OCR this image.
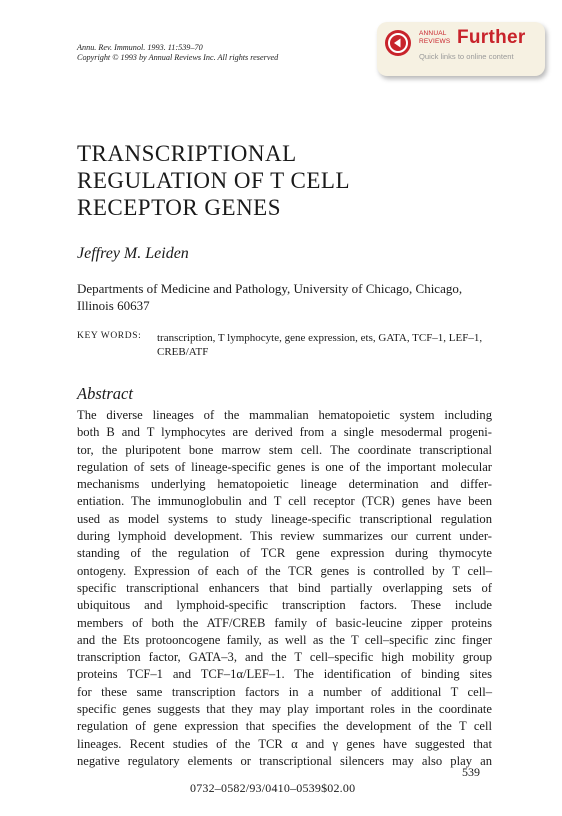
Annu. Rev. Immunol. 1993. 11:539–70
Copyright © 1993 by Annual Reviews Inc. All rights reserved
ANNUAL
REVIEWS Further
Quick links to online content
TRANSCRIPTIONAL
REGULATION OF T CELL
RECEPTOR GENES
Jeffrey M. Leiden
Departments of Medicine and Pathology, University of Chicago, Chicago, Illinois 60637
KEY WORDS: transcription, T lymphocyte, gene expression, ets, GATA, TCF–1, LEF–1, CREB/ATF
Abstract
The diverse lineages of the mammalian hematopoietic system including
both B and T lymphocytes are derived from a single mesodermal progeni-
tor, the pluripotent bone marrow stem cell. The coordinate transcriptional
regulation of sets of lineage-specific genes is one of the important molecular
mechanisms underlying hematopoietic lineage determination and differ-
entiation. The immunoglobulin and T cell receptor (TCR) genes have been
used as model systems to study lineage-specific transcriptional regulation
during lymphoid development. This review summarizes our current under-
standing of the regulation of TCR gene expression during thymocyte
ontogeny. Expression of each of the TCR genes is controlled by T cell–
specific transcriptional enhancers that bind partially overlapping sets of
ubiquitous and lymphoid-specific transcription factors. These include
members of both the ATF/CREB family of basic-leucine zipper proteins
and the Ets protooncogene family, as well as the T cell–specific zinc finger
transcription factor, GATA–3, and the T cell–specific high mobility group
proteins TCF–1 and TCF–1α/LEF–1. The identification of binding sites
for these same transcription factors in a number of additional T cell–
specific genes suggests that they may play important roles in the coordinate
regulation of gene expression that specifies the development of the T cell
lineages. Recent studies of the TCR α and γ genes have suggested that
negative regulatory elements or transcriptional silencers may also play an
539
0732–0582/93/0410–0539$02.00
